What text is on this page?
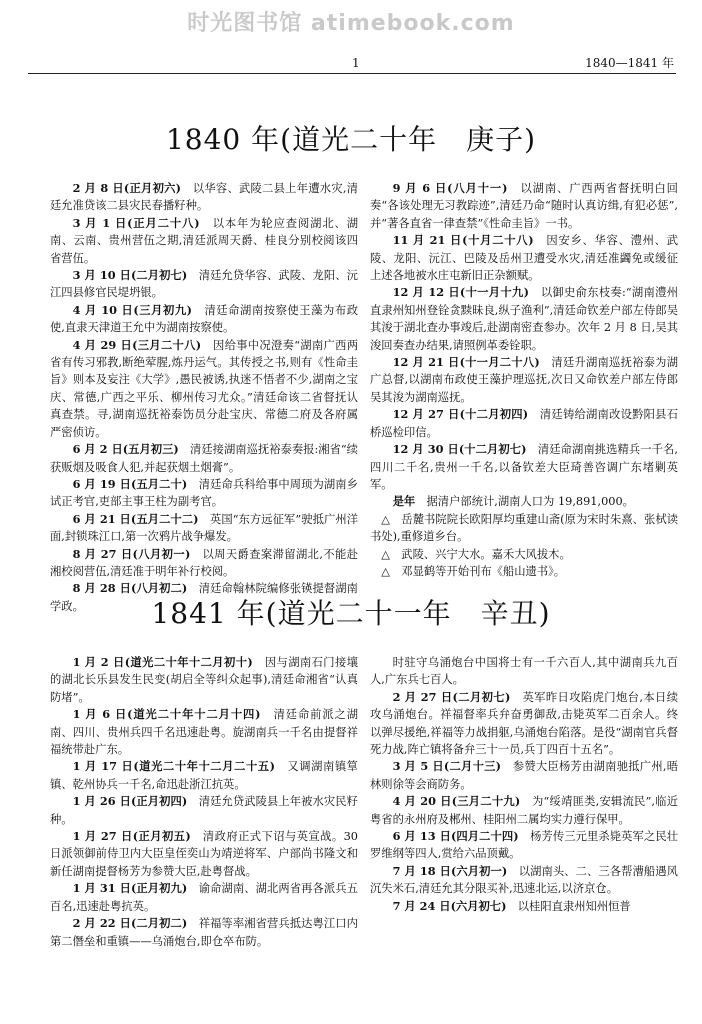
时光图书馆 atimebook.com
1	1840—1841 年
1840 年(道光二十年　庚子)

2 月 8 日(正月初六)　以华容、武陵二县上年遭水灾,清廷允准贷该二县灾民春播籽种。

3 月 1 日(正月二十八)　以本年为轮应查阅湖北、湖南、云南、贵州营伍之期,清廷派周天爵、桂良分别校阅该四省营伍。

3 月 10 日(二月初七)　清廷允贷华容、武陵、龙阳、沅江四县修官民堤坍银。

4 月 10 日(三月初九)　清廷命湖南按察使王藻为布政使,直隶天津道王允中为湖南按察使。

4 月 29 日(三月二十八)　因给事中况澄奏“湖南广西两省有传习邪教,断绝荤腥,炼丹运气。其传授之书,则有《性命圭旨》则本及妄注《大学》,愚民被诱,执迷不悟者不少,湖南之宝庆、常德,广西之平乐、柳州传习尤众。”清廷命该二省督抚认真查禁。寻,湖南巡抚裕泰饬员分赴宝庆、常德二府及各府属严密侦访。

6 月 2 日(五月初三)　清廷接湖南巡抚裕泰奏报:湘省“续获贩烟及吸食人犯,并起获烟土烟膏”。

6 月 19 日(五月二十)　清廷命兵科给事中周顼为湖南乡试正考官,吏部主事王柱为副考官。

6 月 21 日(五月二十二)　英国“东方远征军”驶抵广州洋面,封锁珠江口,第一次鸦片战争爆发。

8 月 27 日(八月初一)　以周天爵查案滞留湖北,不能赴湘校阅营伍,清廷准于明年补行校阅。

8 月 28 日(八月初二)　清廷命翰林院编修张锳提督湖南学政。

9 月 6 日(八月十一)　以湖南、广西两省督抚明白回奏“各该处理无习教踪迹”,清廷乃命“随时认真访缉,有犯必惩”,并“著各直省一律查禁”《性命圭旨》一书。

11 月 21 日(十月二十八)　因安乡、华容、澧州、武陵、龙阳、沅江、巴陵及岳州卫遭受水灾,清廷准蠲免或缓征上述各地被水庄屯新旧正杂额赋。

12 月 12 日(十一月十九)　以御史俞东枝奏:“湖南澧州直隶州知州登铨贪黩昧良,纵子渔利”,清廷命钦差户部左侍郎吴其浚于湖北查办事竣后,赴湖南密查参办。次年 2 月 8 日,吴其浚回奏查办结果,请照例革委铨职。

12 月 21 日(十一月二十八)　清廷升湖南巡抚裕泰为湖广总督,以湖南布政使王藻护理巡抚,次日又命钦差户部左侍郎吴其浚为湖南巡抚。

12 月 27 日(十二月初四)　清廷铸给湖南改设黔阳县石桥巡检印信。

12 月 30 日(十二月初七)　清廷命湖南挑选精兵一千名,四川二千名,贵州一千名,以备钦差大臣琦善咨调广东堵剿英军。

是年　据清户部统计,湖南人口为 19,891,000。

△　岳麓书院院长欧阳厚均重建山斋(原为宋时朱熹、张栻读书处),重修道乡台。

△　武陵、兴宁大水。嘉禾大风拔木。

△　邓显鹤等开始刊布《船山遗书》。

1841 年(道光二十一年　辛丑)

1 月 2 日(道光二十年十二月初十)　因与湖南石门接壤的湖北长乐县发生民变(胡启全等纠众起事),清廷命湘省“认真防堵”。

1 月 6 日(道光二十年十二月十四)　清廷命前派之湖南、四川、贵州兵四千名迅速赴粤。旋湖南兵一千名由提督祥福统带赴广东。

1 月 17 日(道光二十年十二月二十五)　又调湖南镇筸镇、乾州协兵一千名,命迅赴浙江抗英。

1 月 26 日(正月初四)　清廷允贷武陵县上年被水灾民籽种。

1 月 27 日(正月初五)　清政府正式下诏与英宣战。30 日派领御前侍卫内大臣皇侄奕山为靖逆将军、户部尚书隆文和新任湖南提督杨芳为参赞大臣,赴粤督战。

1 月 31 日(正月初九)　谕命湖南、湖北两省再各派兵五百名,迅速赴粤抗英。

2 月 22 日(二月初二)　祥福等率湘省营兵抵达粤江口内第二僭垒和重镇——乌涌炮台,即仓卒布防。

时驻守乌涌炮台中国将士有一千六百人,其中湖南兵九百人,广东兵七百人。

2 月 27 日(二月初七)　英军昨日攻陷虎门炮台,本日续攻乌涌炮台。祥福督率兵弁奋勇御敌,击毙英军二百余人。终以弹尽援绝,祥福等力战捐躯,乌涌炮台陷落。是役“湖南官兵督死力战,阵亡镇将备弁三十一员,兵丁四百十五名”。

3 月 5 日(二月十三)　参赞大臣杨芳由湖南驰抵广州,晤林则徐等会商防务。

4 月 20 日(三月二十九)　为“绥靖匪类,安辑流民”,临近粤省的永州府及郴州、桂阳州二属均实力遵行保甲。

6 月 13 日(四月二十四)　杨芳传三元里杀毙英军之民壮罗维纲等四人,赏给六品顶戴。

7 月 18 日(六月初一)　以湖南头、二、三各帮漕船遇风沉失米石,清廷允其分限买补,迅速北运,以济京仓。

7 月 24 日(六月初七)　以桂阳直隶州知州恒普
